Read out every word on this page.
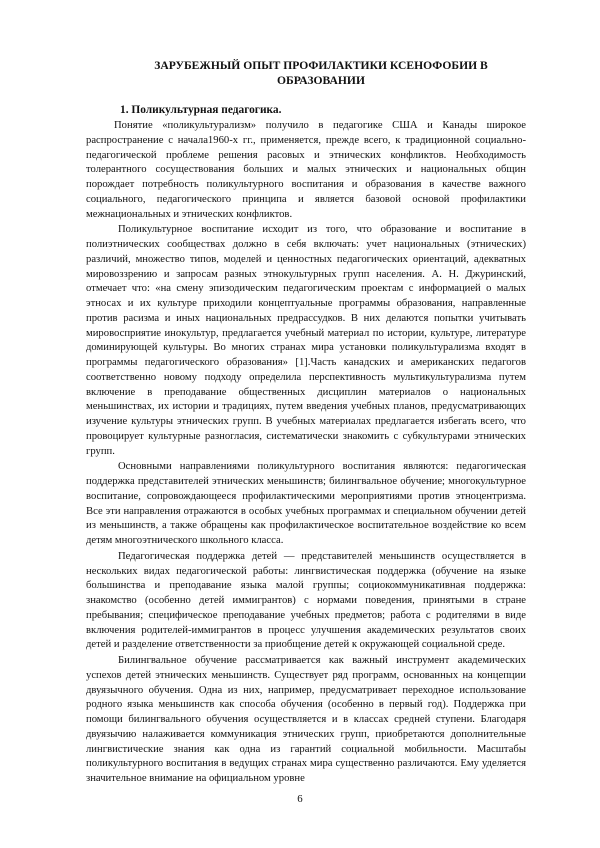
ЗАРУБЕЖНЫЙ ОПЫТ ПРОФИЛАКТИКИ КСЕНОФОБИИ В ОБРАЗОВАНИИ
1. Поликультурная педагогика.

Понятие «поликультурализм» получило в педагогике США и Канады широкое распространение с начала1960-х гг., применяется, прежде всего, к традиционной социально-педагогической проблеме решения расовых и этнических конфликтов. Необходимость толерантного сосуществования больших и малых этнических и национальных общин порождает потребность поликультурного воспитания и образования в качестве важного социального, педагогического принципа и является базовой основой профилактики межнациональных и этнических конфликтов.

Поликультурное воспитание исходит из того, что образование и воспитание в полиэтнических сообществах должно в себя включать: учет национальных (этнических) различий, множество типов, моделей и ценностных педагогических ориентаций, адекватных мировоззрению и запросам разных этнокультурных групп населения. А. Н. Джуринский, отмечает что: «на смену эпизодическим педагогическим проектам с информацией о малых этносах и их культуре приходили концептуальные программы образования, направленные против расизма и иных национальных предрассудков. В них делаются попытки учитывать мировосприятие инокультур, предлагается учебный материал по истории, культуре, литературе доминирующей культуры. Во многих странах мира установки поликультурализма входят в программы педагогического образования» [1].Часть канадских и американских педагогов соответственно новому подходу определила перспективность мультикультурализма путем включение в преподавание общественных дисциплин материалов о национальных меньшинствах, их истории и традициях, путем введения учебных планов, предусматривающих изучение культуры этнических групп. В учебных материалах предлагается избегать всего, что провоцирует культурные разногласия, систематически знакомить с субкультурами этнических групп.

Основными направлениями поликультурного воспитания являются: педагогическая поддержка представителей этнических меньшинств; билингвальное обучение; многокультурное воспитание, сопровождающееся профилактическими мероприятиями против этноцентризма. Все эти направления отражаются в особых учебных программах и специальном обучении детей из меньшинств, а также обращены как профилактическое воспитательное воздействие ко всем детям многоэтнического школьного класса.

Педагогическая поддержка детей — представителей меньшинств осуществляется в нескольких видах педагогической работы: лингвистическая поддержка (обучение на языке большинства и преподавание языка малой группы; социокоммуникативная поддержка: знакомство (особенно детей иммигрантов) с нормами поведения, принятыми в стране пребывания; специфическое преподавание учебных предметов; работа с родителями в виде включения родителей-иммигрантов в процесс улучшения академических результатов своих детей и разделение ответственности за приобщение детей к окружающей социальной среде.

Билингвальное обучение рассматривается как важный инструмент академических успехов детей этнических меньшинств. Существует ряд программ, основанных на концепции двуязычного обучения. Одна из них, например, предусматривает переходное использование родного языка меньшинств как способа обучения (особенно в первый год). Поддержка при помощи билингвального обучения осуществляется и в классах средней ступени. Благодаря двуязычию налаживается коммуникация этнических групп, приобретаются дополнительные лингвистические знания как одна из гарантий социальной мобильности. Масштабы поликультурного воспитания в ведущих странах мира существенно различаются. Ему уделяется значительное внимание на официальном уровне

6
